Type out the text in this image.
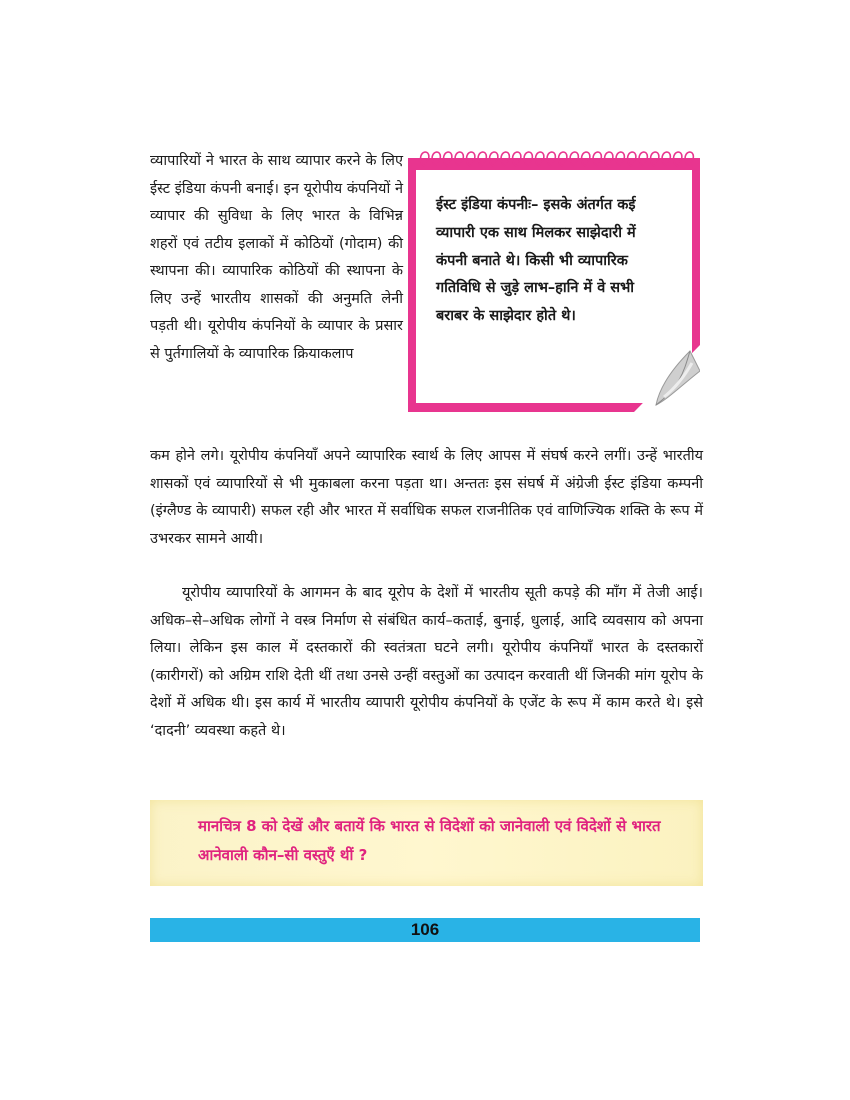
व्यापारियों ने भारत के साथ व्यापार करने के लिए ईस्ट इंडिया कंपनी बनाई। इन यूरोपीय कंपनियों ने व्यापार की सुविधा के लिए भारत के विभिन्न शहरों एवं तटीय इलाकों में कोठियों (गोदाम) की स्थापना की। व्यापारिक कोठियों की स्थापना के लिए उन्हें भारतीय शासकों की अनुमति लेनी पड़ती थी। यूरोपीय कंपनियों के व्यापार के प्रसार से पुर्तगालियों के व्यापारिक क्रियाकलाप

ईस्ट इंडिया कंपनीः– इसके अंतर्गत कई व्यापारी एक साथ मिलकर साझेदारी में कंपनी बनाते थे। किसी भी व्यापारिक गतिविधि से जुड़े लाभ–हानि में वे सभी बराबर के साझेदार होते थे।

कम होने लगे। यूरोपीय कंपनियाँ अपने व्यापारिक स्वार्थ के लिए आपस में संघर्ष करने लगीं। उन्हें भारतीय शासकों एवं व्यापारियों से भी मुकाबला करना पड़ता था। अन्ततः इस संघर्ष में अंग्रेजी ईस्ट इंडिया कम्पनी (इंग्लैण्ड के व्यापारी) सफल रही और भारत में सर्वाधिक सफल राजनीतिक एवं वाणिज्यिक शक्ति के रूप में उभरकर सामने आयी।

यूरोपीय व्यापारियों के आगमन के बाद यूरोप के देशों में भारतीय सूती कपड़े की माँग में तेजी आई। अधिक–से–अधिक लोगों ने वस्त्र निर्माण से संबंधित कार्य–कताई, बुनाई, धुलाई, आदि व्यवसाय को अपना लिया। लेकिन इस काल में दस्तकारों की स्वतंत्रता घटने लगी। यूरोपीय कंपनियाँ भारत के दस्तकारों (कारीगरों) को अग्रिम राशि देती थीं तथा उनसे उन्हीं वस्तुओं का उत्पादन करवाती थीं जिनकी मांग यूरोप के देशों में अधिक थी। इस कार्य में भारतीय व्यापारी यूरोपीय कंपनियों के एजेंट के रूप में काम करते थे। इसे ‘दादनी’ व्यवस्था कहते थे।

मानचित्र 8 को देखें और बतायें कि भारत से विदेशों को जानेवाली एवं विदेशों से भारत आनेवाली कौन–सी वस्तुएँ थीं ?

106
